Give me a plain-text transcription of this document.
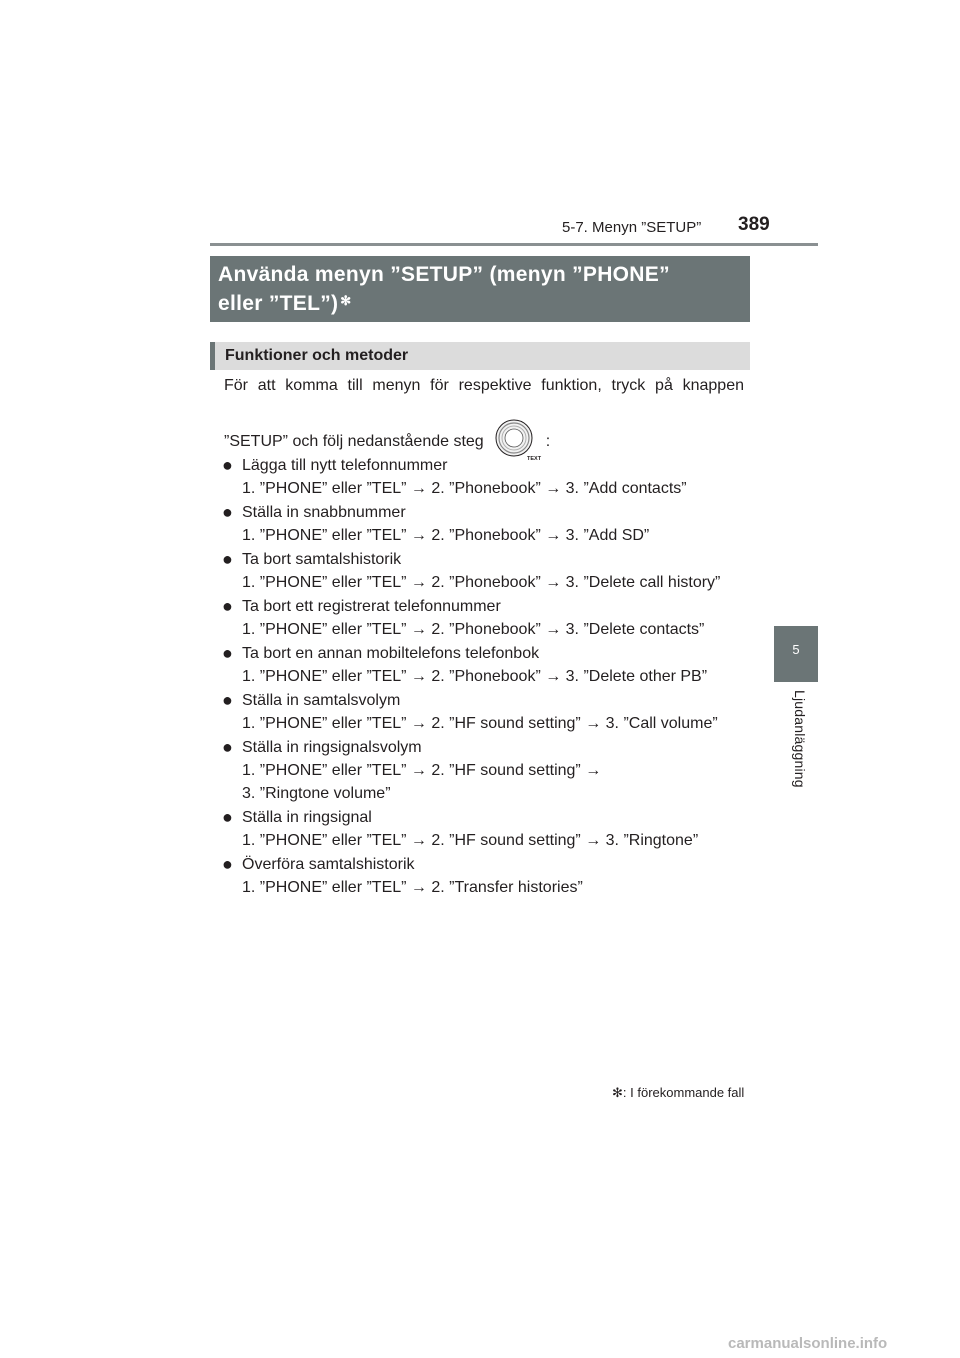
5-7. Menyn ”SETUP” 389
Använda menyn ”SETUP” (menyn ”PHONE”
eller ”TEL”) ✻
Funktioner och metoder
För att komma till menyn för respektive funktion, tryck på knappen
”SETUP” och följ nedanstående steg
TEXT
:
● Lägga till nytt telefonnummer
1. ”PHONE” eller ”TEL” → 2. ”Phonebook” → 3. ”Add contacts”
● Ställa in snabbnummer
1. ”PHONE” eller ”TEL” → 2. ”Phonebook” → 3. ”Add SD”
● Ta bort samtalshistorik
1. ”PHONE” eller ”TEL” → 2. ”Phonebook” → 3. ”Delete call history”
● Ta bort ett registrerat telefonnummer
1. ”PHONE” eller ”TEL” → 2. ”Phonebook” → 3. ”Delete contacts”
● Ta bort en annan mobiltelefons telefonbok
1. ”PHONE” eller ”TEL” → 2. ”Phonebook” → 3. ”Delete other PB”
● Ställa in samtalsvolym
1. ”PHONE” eller ”TEL” → 2. ”HF sound setting” → 3. ”Call volume”
● Ställa in ringsignalsvolym
1. ”PHONE” eller ”TEL” → 2. ”HF sound setting” →
3. ”Ringtone volume”
● Ställa in ringsignal
1. ”PHONE” eller ”TEL” → 2. ”HF sound setting” → 3. ”Ringtone”
● Överföra samtalshistorik
1. ”PHONE” eller ”TEL” → 2. ”Transfer histories”
✻: I förekommande fall
5
Ljudanläggning
carmanualsonline.info
